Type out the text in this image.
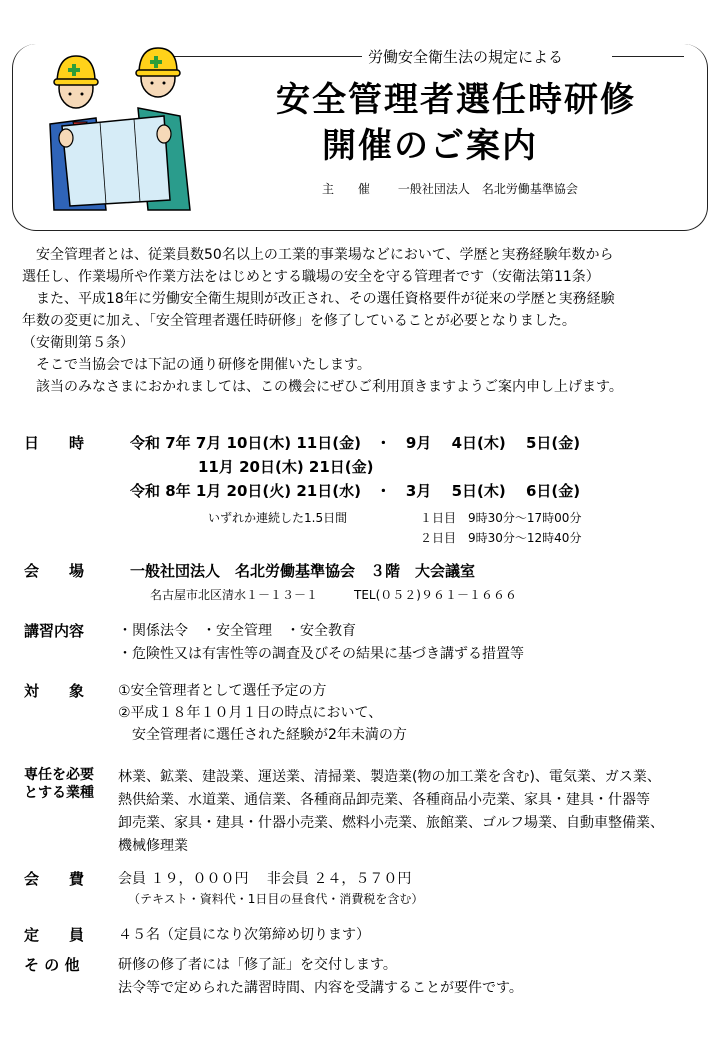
労働安全衛生法の規定による
安全管理者選任時研修
開催のご案内
主 催 一般社団法人　名北労働基準協会

　安全管理者とは、従業員数50名以上の工業的事業場などにおいて、学歴と実務経験年数から

選任し、作業場所や作業方法をはじめとする職場の安全を守る管理者です（安衛法第11条）

　また、平成18年に労働安全衛生規則が改正され、その選任資格要件が従来の学歴と実務経験

年数の変更に加え、「安全管理者選任時研修」を修了していることが必要となりました。

（安衛則第５条）

　そこで当協会では下記の通り研修を開催いたします。

　該当のみなさまにおかれましては、この機会にぜひご利用頂きますようご案内申し上げます。

日　　時	令和 7年 7月 10日(木) 11日(金)　・　9月　 4日(木)　 5日(金)
11月 20日(木) 21日(金)
令和 8年 1月 20日(火) 21日(水)　・　3月　 5日(木)　 6日(金)
いずれか連続した1.5日間	１日目　9時30分～17時00分
２日目　9時30分～12時40分
会　　場	一般社団法人　名北労働基準協会　３階　大会議室
名古屋市北区清水１－１３－１　　　TEL(０５２)９６１－１６６６
講習内容 ・関係法令　・安全管理　・安全教育
・危険性又は有害性等の調査及びその結果に基づき講ずる措置等
対　　象 ①安全管理者として選任予定の方
②平成１８年１０月１日の時点において、
　安全管理者に選任された経験が2年未満の方
専任を必要
とする業種
林業、鉱業、建設業、運送業、清掃業、製造業(物の加工業を含む)、電気業、ガス業、
熱供給業、水道業、通信業、各種商品卸売業、各種商品小売業、家具・建具・什器等
卸売業、家具・建具・什器小売業、燃料小売業、旅館業、ゴルフ場業、自動車整備業、
機械修理業
会　　費 会員 １９，０００円　 非会員 ２４，５７０円
（テキスト・資料代・1日目の昼食代・消費税を含む）
定　　員 ４５名（定員になり次第締め切ります）
そ の 他	研修の修了者には「修了証」を交付します。
法令等で定められた講習時間、内容を受講することが要件です。
